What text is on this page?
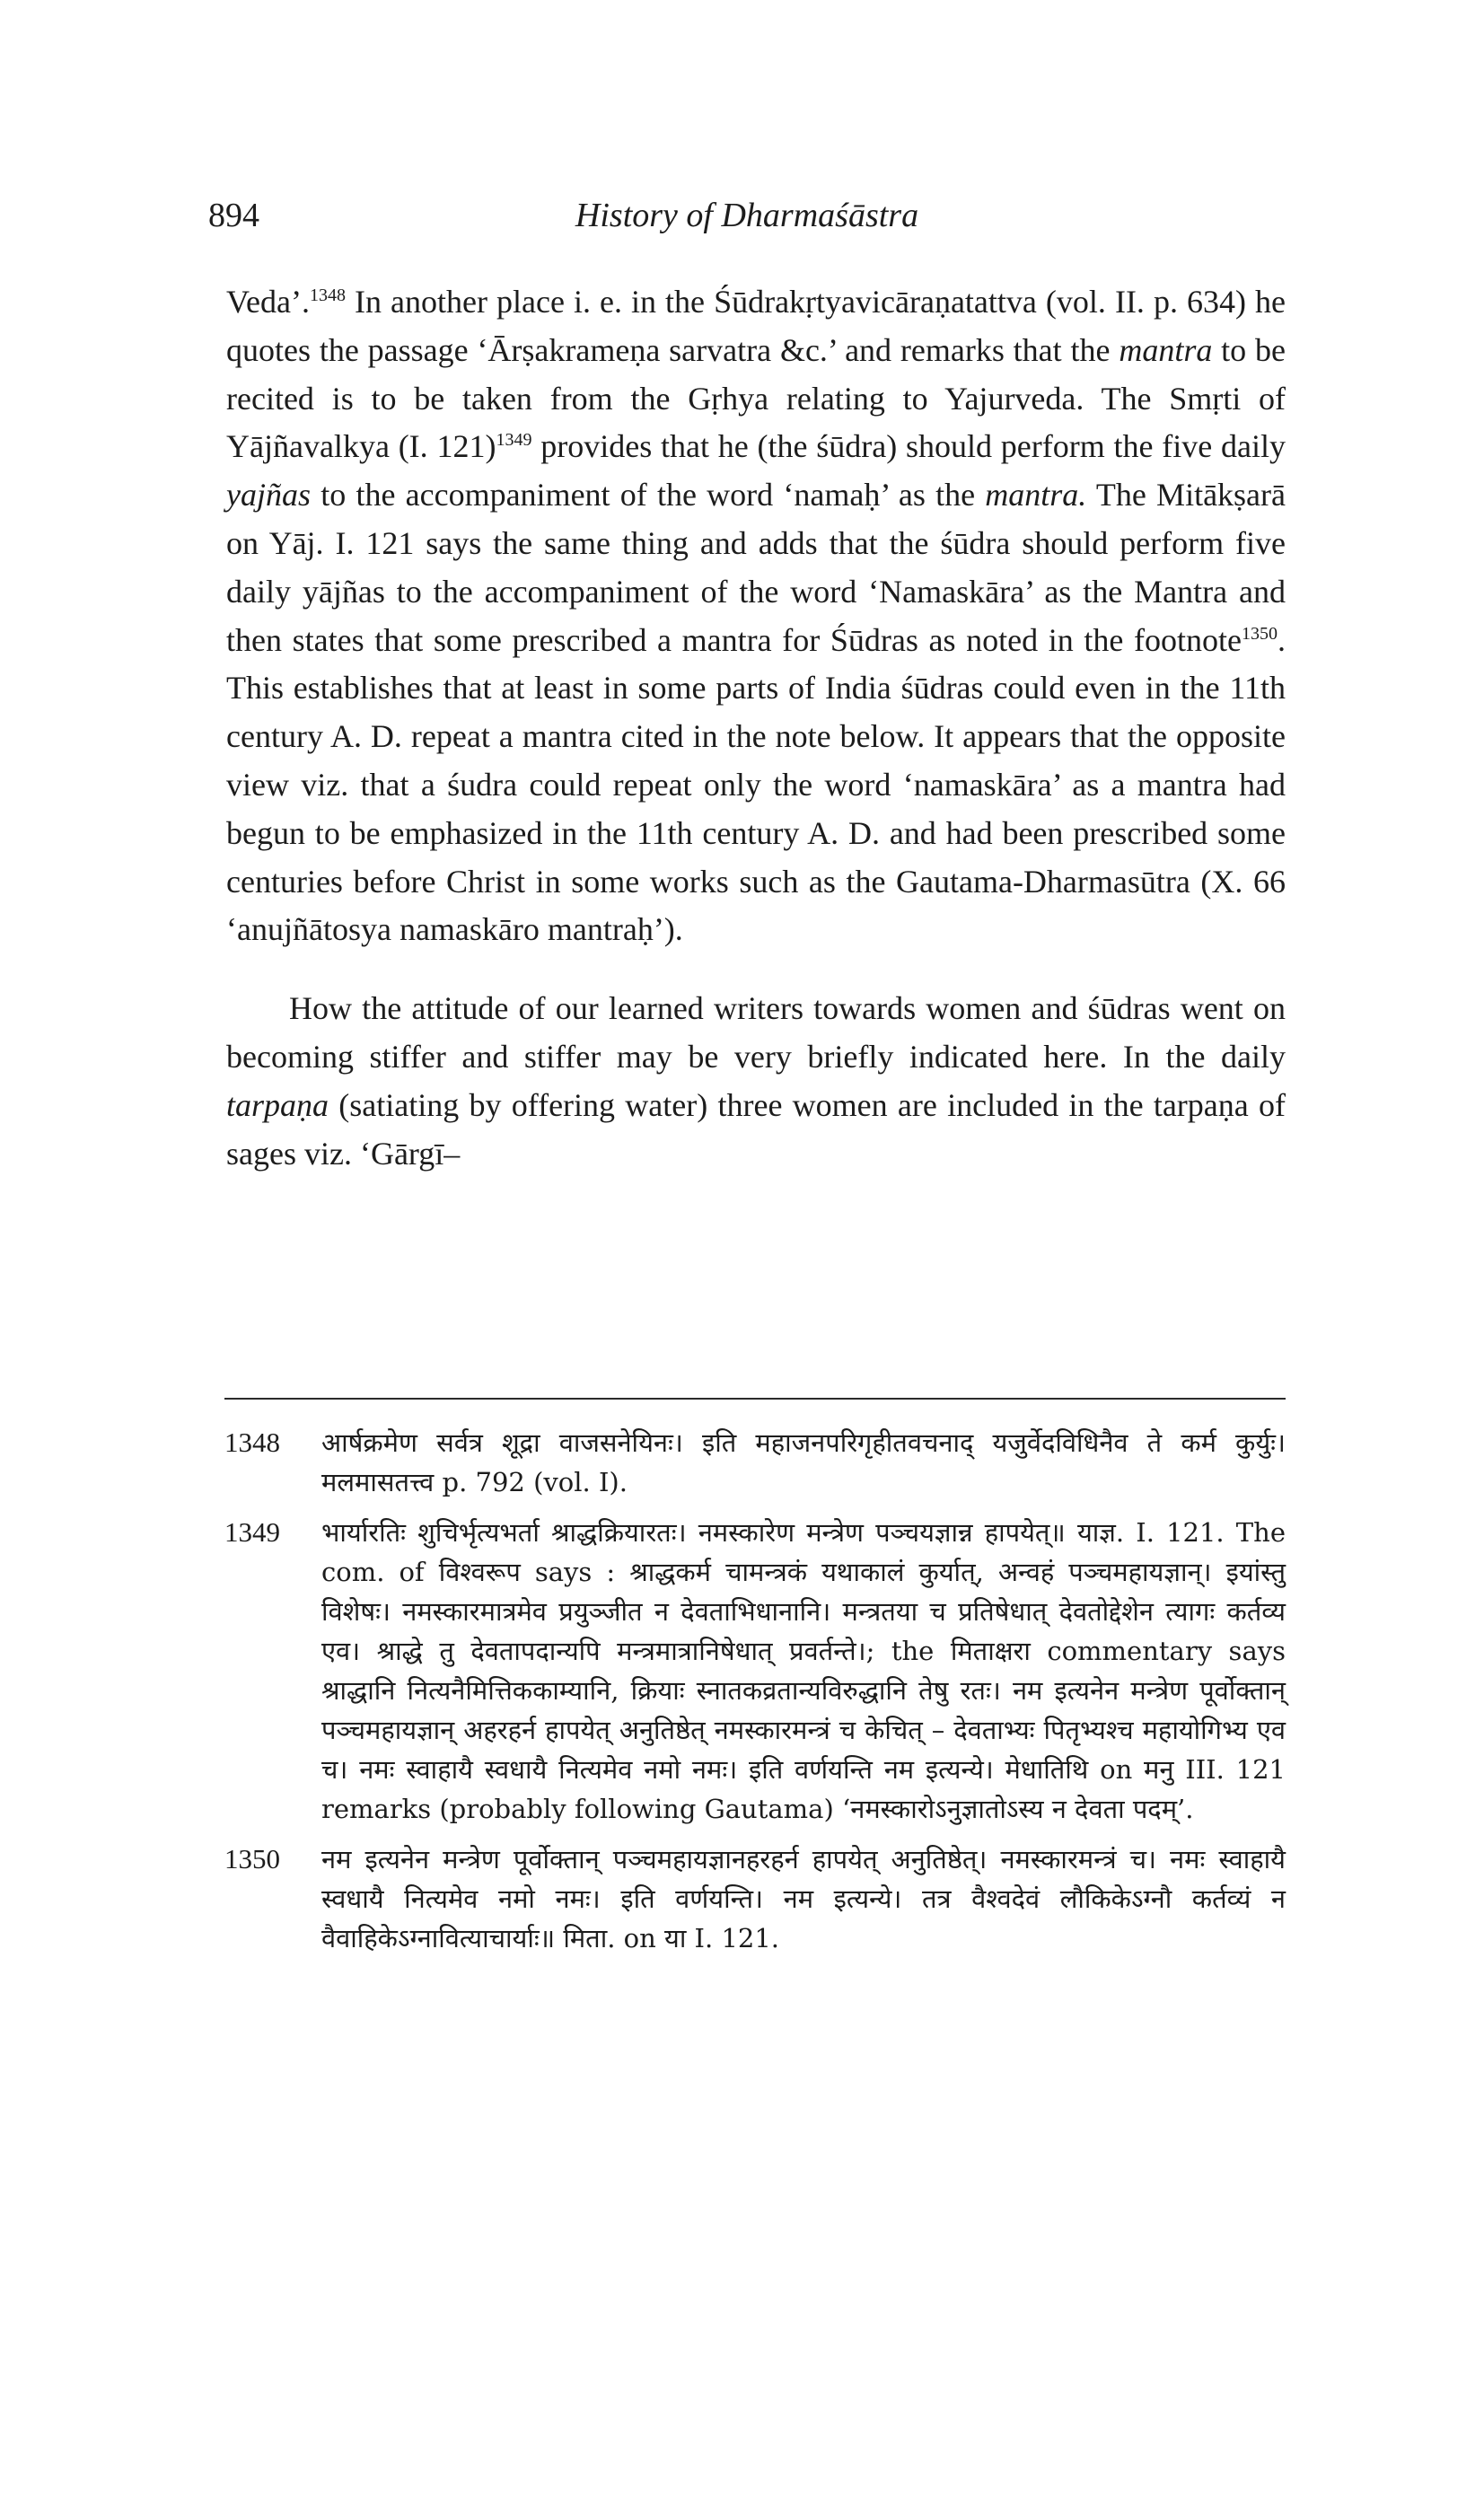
894	History of Dharmaśāstra

Veda’.$^{1348}$ In another place i. e. in the Śūdrakṛtyavicāraṇatattva (vol. II. p. 634) he quotes the passage ‘Ārṣakrameṇa sarvatra &c.’ and remarks that the mantra to be recited is to be taken from the Gṛhya relating to Yajurveda. The Smṛti of Yājñavalkya (I. 121)$^{1349}$ provides that he (the śūdra) should perform the five daily yajñas to the accompaniment of the word ‘namaḥ’ as the mantra. The Mitākṣarā on Yāj. I. 121 says the same thing and adds that the śūdra should perform five daily yājñas to the accompaniment of the word ‘Namaskāra’ as the Mantra and then states that some prescribed a mantra for Śūdras as noted in the footnote$^{1350}$. This establishes that at least in some parts of India śūdras could even in the 11th century A. D. repeat a mantra cited in the note below. It appears that the opposite view viz. that a śudra could repeat only the word ‘namaskāra’ as a mantra had begun to be emphasized in the 11th century A. D. and had been prescribed some centuries before Christ in some works such as the Gautama-Dharmasūtra (X. 66 ‘anujñātosya namaskāro mantraḥ’).

How the attitude of our learned writers towards women and śūdras went on becoming stiffer and stiffer may be very briefly indicated here. In the daily tarpaṇa (satiating by offering water) three women are included in the tarpaṇa of sages viz. ‘Gārgī–

1348	आर्षक्रमेण सर्वत्र शूद्रा वाजसनेयिनः। इति महाजनपरिगृहीतवचनाद् यजुर्वेदविधिनैव ते कर्म कुर्युः। मलमासतत्त्व p. 792 (vol. I).
1349	भार्यारतिः शुचिर्भृत्यभर्ता श्राद्धक्रियारतः। नमस्कारेण मन्त्रेण पञ्चयज्ञान्न हापयेत्॥ याज्ञ. I. 121. The com. of विश्वरूप says : श्राद्धकर्म चामन्त्रकं यथाकालं कुर्यात्, अन्वहं पञ्चमहायज्ञान्। इयांस्तु विशेषः। नमस्कारमात्रमेव प्रयुञ्जीत न देवताभिधानानि। मन्त्रतया च प्रतिषेधात् देवतोद्देशेन त्यागः कर्तव्य एव। श्राद्धे तु देवतापदान्यपि मन्त्रमात्रानिषेधात् प्रवर्तन्ते।; the मिताक्षरा commentary says श्राद्धानि नित्यनैमित्तिककाम्यानि, क्रियाः स्नातकव्रतान्यविरुद्धानि तेषु रतः। नम इत्यनेन मन्त्रेण पूर्वोक्तान् पञ्चमहायज्ञान् अहरहर्न हापयेत् अनुतिष्ठेत् नमस्कारमन्त्रं च केचित् – देवताभ्यः पितृभ्यश्च महायोगिभ्य एव च। नमः स्वाहायै स्वधायै नित्यमेव नमो नमः। इति वर्णयन्ति नम इत्यन्ये। मेधातिथि on मनु III. 121 remarks (probably following Gautama) ‘नमस्कारोऽनुज्ञातोऽस्य न देवता पदम्’.
1350	नम इत्यनेन मन्त्रेण पूर्वोक्तान् पञ्चमहायज्ञानहरहर्न हापयेत् अनुतिष्ठेत्। नमस्कारमन्त्रं च। नमः स्वाहायै स्वधायै नित्यमेव नमो नमः। इति वर्णयन्ति। नम इत्यन्ये। तत्र वैश्वदेवं लौकिकेऽग्नौ कर्तव्यं न वैवाहिकेऽग्नावित्याचार्याः॥ मिता. on या I. 121.
